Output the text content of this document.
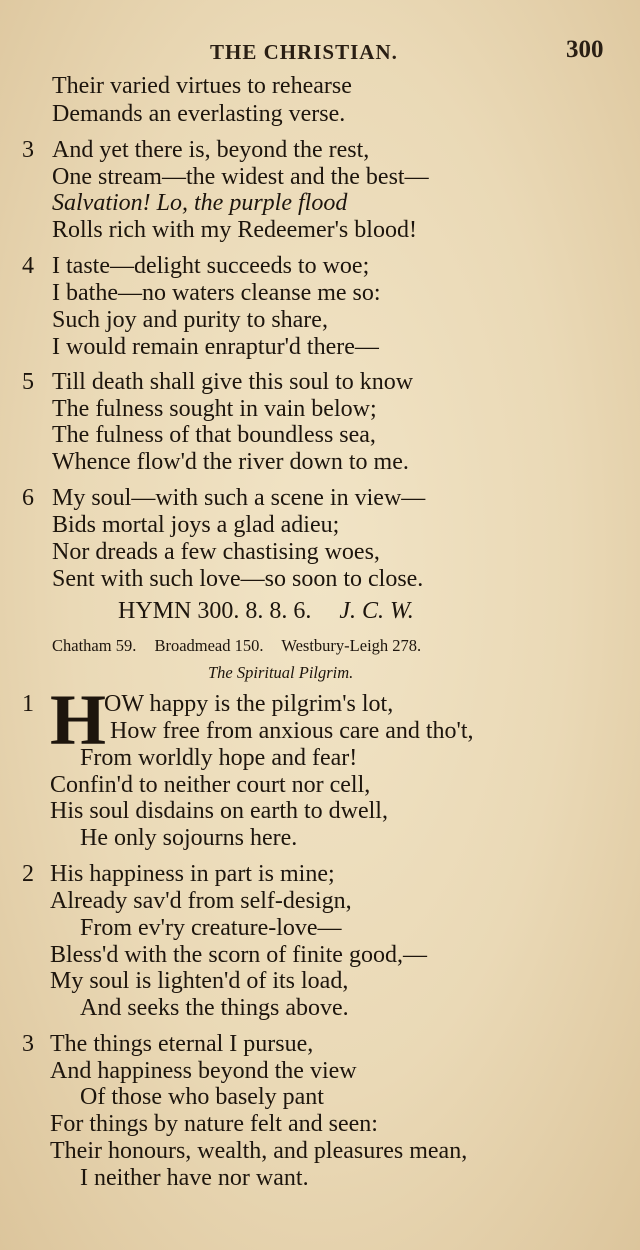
THE CHRISTIAN.	300
Their varied virtues to rehearse
Demands an everlasting verse.
3 And yet there is, beyond the rest,
One stream—the widest and the best—
Salvation! Lo, the purple flood
Rolls rich with my Redeemer's blood!
4 I taste—delight succeeds to woe;
I bathe—no waters cleanse me so:
Such joy and purity to share,
I would remain enraptur'd there—
5 Till death shall give this soul to know
The fulness sought in vain below;
The fulness of that boundless sea,
Whence flow'd the river down to me.
6 My soul—with such a scene in view—
Bids mortal joys a glad adieu;
Nor dreads a few chastising woes,
Sent with such love—so soon to close.
HYMN 300. 8. 8. 6. J. C. W.
Chatham 59. Broadmead 150. Westbury-Leigh 278.
The Spiritual Pilgrim.
1 H
OW happy is the pilgrim's lot,
How free from anxious care and tho't,
From worldly hope and fear!
Confin'd to neither court nor cell,
His soul disdains on earth to dwell,
He only sojourns here.
2 His happiness in part is mine;
Already sav'd from self-design,
From ev'ry creature-love—
Bless'd with the scorn of finite good,—
My soul is lighten'd of its load,
And seeks the things above.
3 The things eternal I pursue,
And happiness beyond the view
Of those who basely pant
For things by nature felt and seen:
Their honours, wealth, and pleasures mean,
I neither have nor want.
